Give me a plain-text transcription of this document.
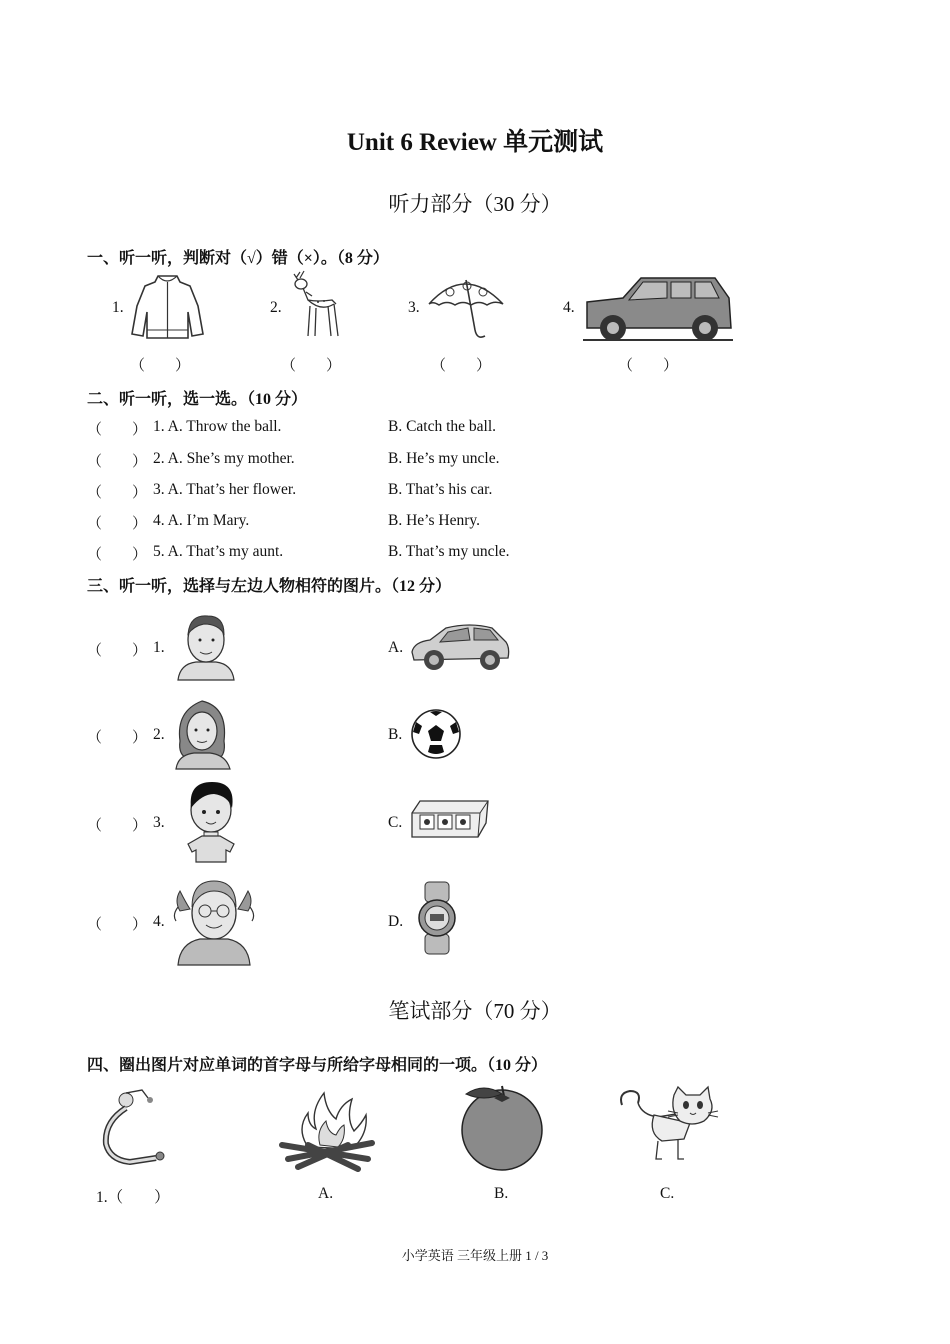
Unit 6 Review 单元测试
听力部分（30 分）
一、听一听，判断对（√）错（×）。（8 分）
1.
（　　）
2.
（　　）
3.
（　　）
4.
（　　）
二、听一听，选一选。（10 分）
（　　） 1. A. Throw the ball.	B. Catch the ball.
（　　） 2. A. She’s my mother.	B. He’s my uncle.
（　　） 3. A. That’s her flower.	B. That’s his car.
（　　） 4. A. I’m Mary.	B. He’s Henry.
（　　） 5. A. That’s my aunt.	B. That’s my uncle.
三、听一听，选择与左边人物相符的图片。（12 分）
（　　） 1.	A.
（　　） 2.	B.
（　　） 3.	C.
（　　） 4.	D.
笔试部分（70 分）
四、圈出图片对应单词的首字母与所给字母相同的一项。（10 分）
1.（　　）	A.	B.	C.
小学英语 三年级上册 1 / 3
